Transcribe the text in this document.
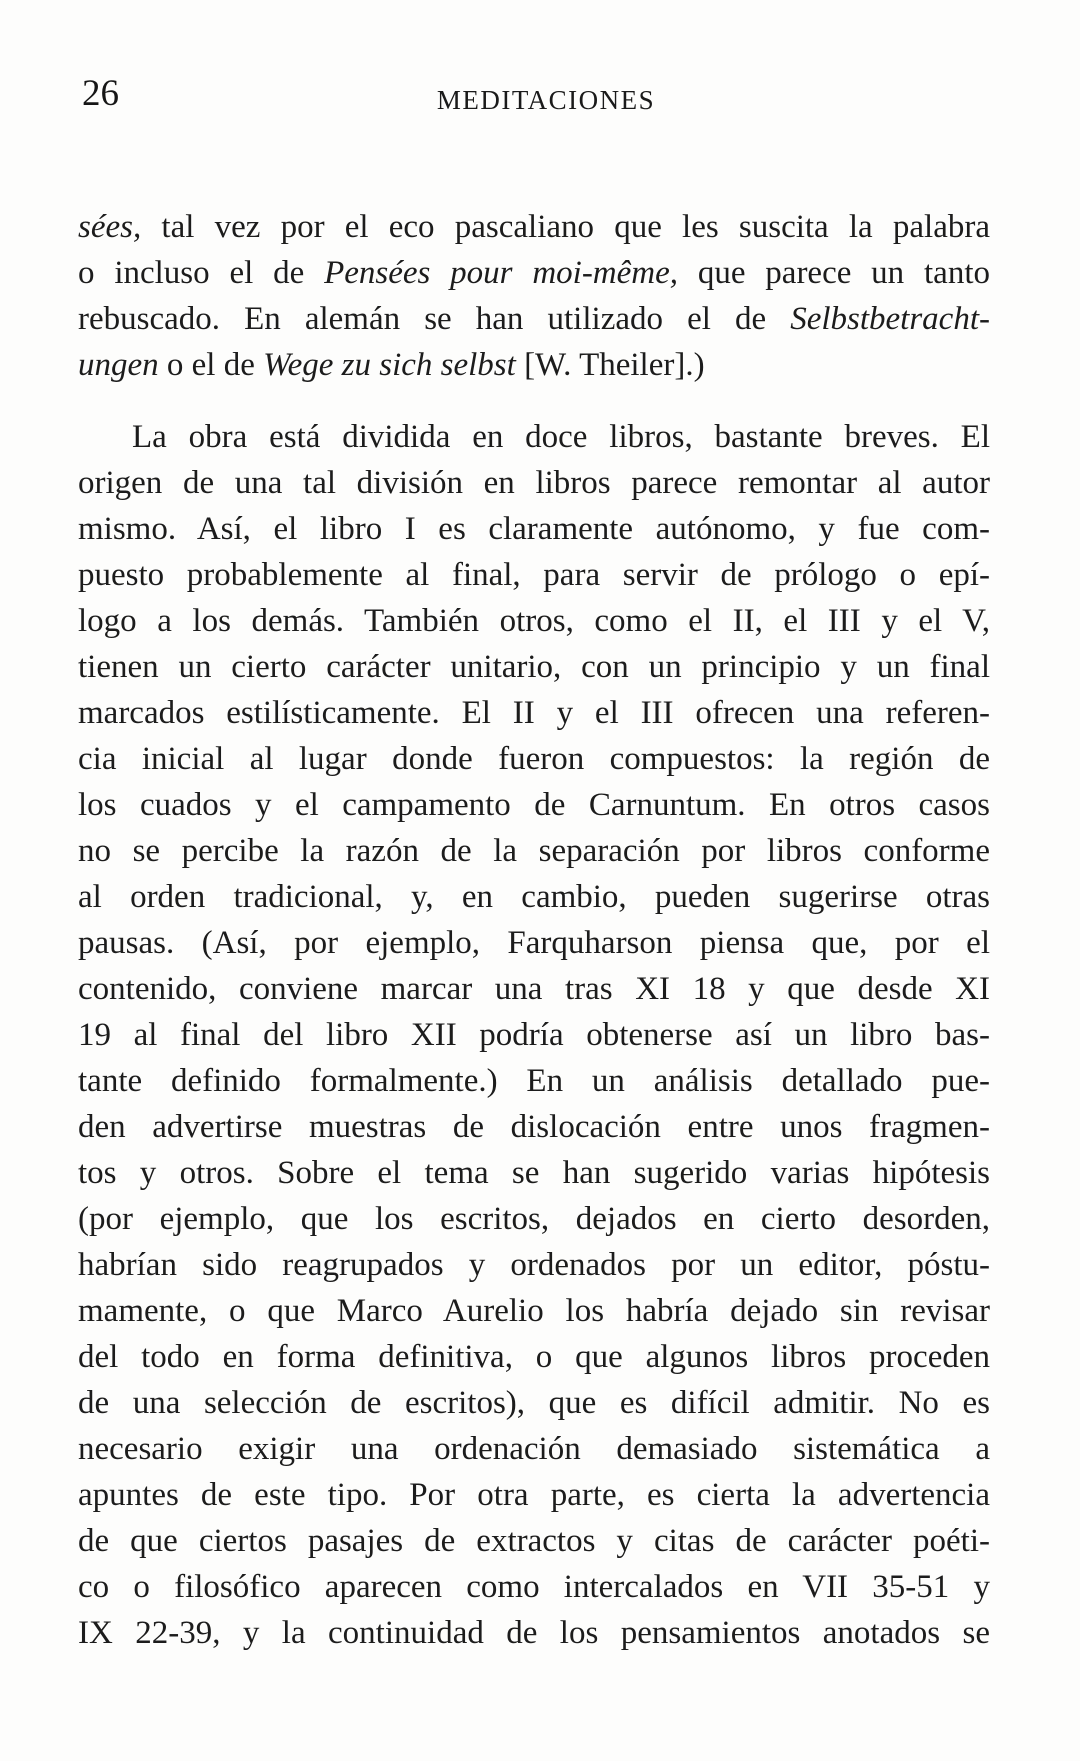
26	MEDITACIONES
sées, tal vez por el eco pascaliano que les suscita la palabra
o incluso el de Pensées pour moi-même, que parece un tanto
rebuscado. En alemán se han utilizado el de Selbstbetracht-
ungen o el de Wege zu sich selbst [W. Theiler].)
La obra está dividida en doce libros, bastante breves. El
origen de una tal división en libros parece remontar al autor
mismo. Así, el libro I es claramente autónomo, y fue com-
puesto probablemente al final, para servir de prólogo o epí-
logo a los demás. También otros, como el II, el III y el V,
tienen un cierto carácter unitario, con un principio y un final
marcados estilísticamente. El II y el III ofrecen una referen-
cia inicial al lugar donde fueron compuestos: la región de
los cuados y el campamento de Carnuntum. En otros casos
no se percibe la razón de la separación por libros conforme
al orden tradicional, y, en cambio, pueden sugerirse otras
pausas. (Así, por ejemplo, Farquharson piensa que, por el
contenido, conviene marcar una tras XI 18 y que desde XI
19 al final del libro XII podría obtenerse así un libro bas-
tante definido formalmente.) En un análisis detallado pue-
den advertirse muestras de dislocación entre unos fragmen-
tos y otros. Sobre el tema se han sugerido varias hipótesis
(por ejemplo, que los escritos, dejados en cierto desorden,
habrían sido reagrupados y ordenados por un editor, póstu-
mamente, o que Marco Aurelio los habría dejado sin revisar
del todo en forma definitiva, o que algunos libros proceden
de una selección de escritos), que es difícil admitir. No es
necesario exigir una ordenación demasiado sistemática a
apuntes de este tipo. Por otra parte, es cierta la advertencia
de que ciertos pasajes de extractos y citas de carácter poéti-
co o filosófico aparecen como intercalados en VII 35-51 y
IX 22-39, y la continuidad de los pensamientos anotados se
